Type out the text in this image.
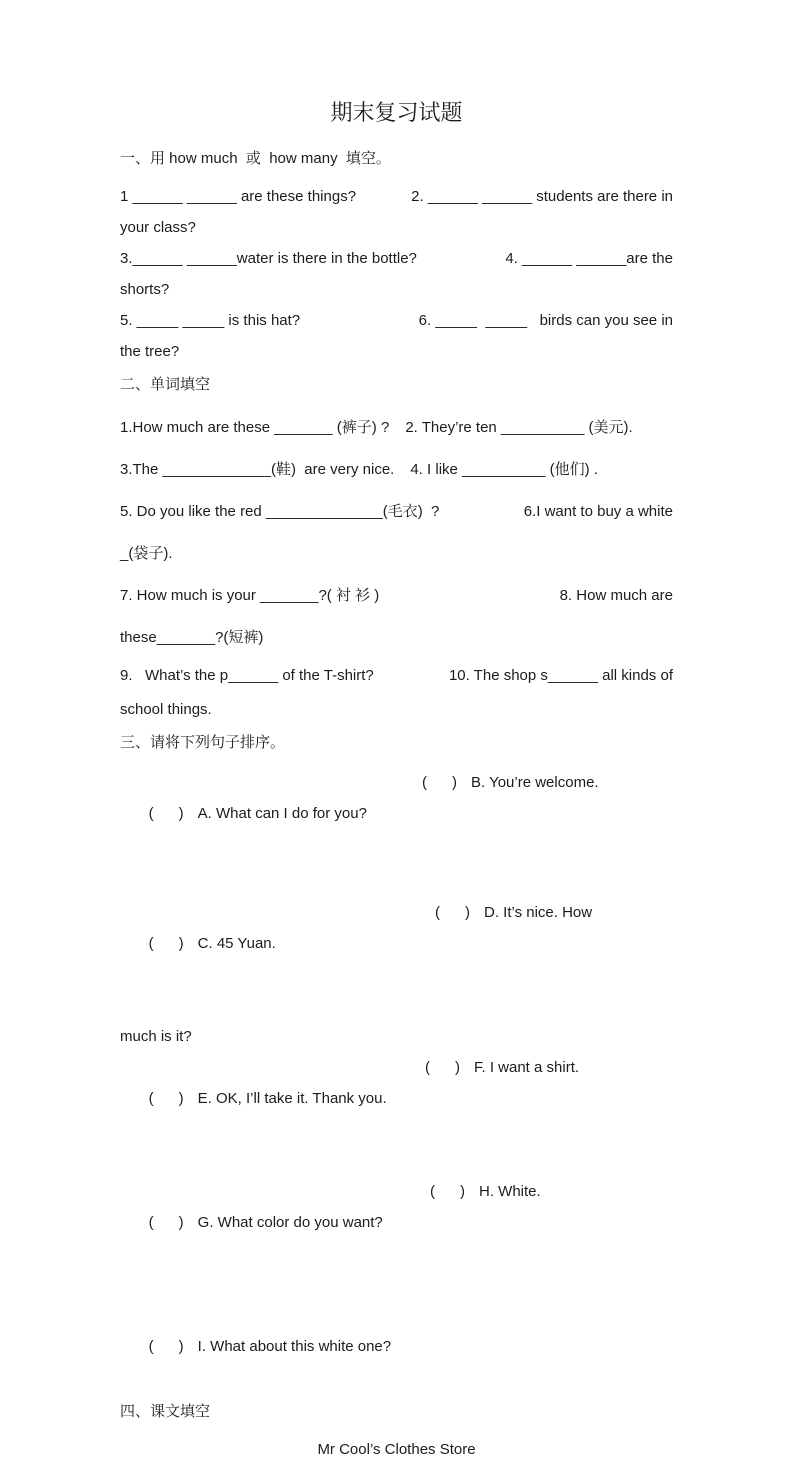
期末复习试题
一、用 how much  或  how many  填空。
1 ______ ______ are these things?	2. ______ ______ students are there in
your class?
3.______ ______water is there in the bottle?	4. ______ ______are the
shorts?
5. _____ _____ is this hat?	6. _____  _____   birds can you see in
the tree?
二、单词填空
1.How much are these _______ (裤子) ? 2. They’re ten __________ (美元).
3.The _____________(鞋)  are very nice. 4. I like __________ (他们) .
5. Do you like the red ______________(毛衣)  ?	6.I want to buy a white
_(袋子).
7. How much is your _______?( 衬 衫 )	8. How much are
these_______?(短裤)
9.   What’s the p______ of the T-shirt?	10. The shop s______ all kinds of
school things.
三、请将下列句子排序。

(      ) A. What can I do for you?

(      ) B. You’re welcome.

(      ) C. 45 Yuan.

(      ) D. It’s nice. How

much is it?

(      ) E. OK, I’ll take it. Thank you.

(      ) F. I want a shirt.

(      ) G. What color do you want?

(      ) H. White.

(      ) I. What about this white one?

四、课文填空
Mr Cool’s Clothes Store
